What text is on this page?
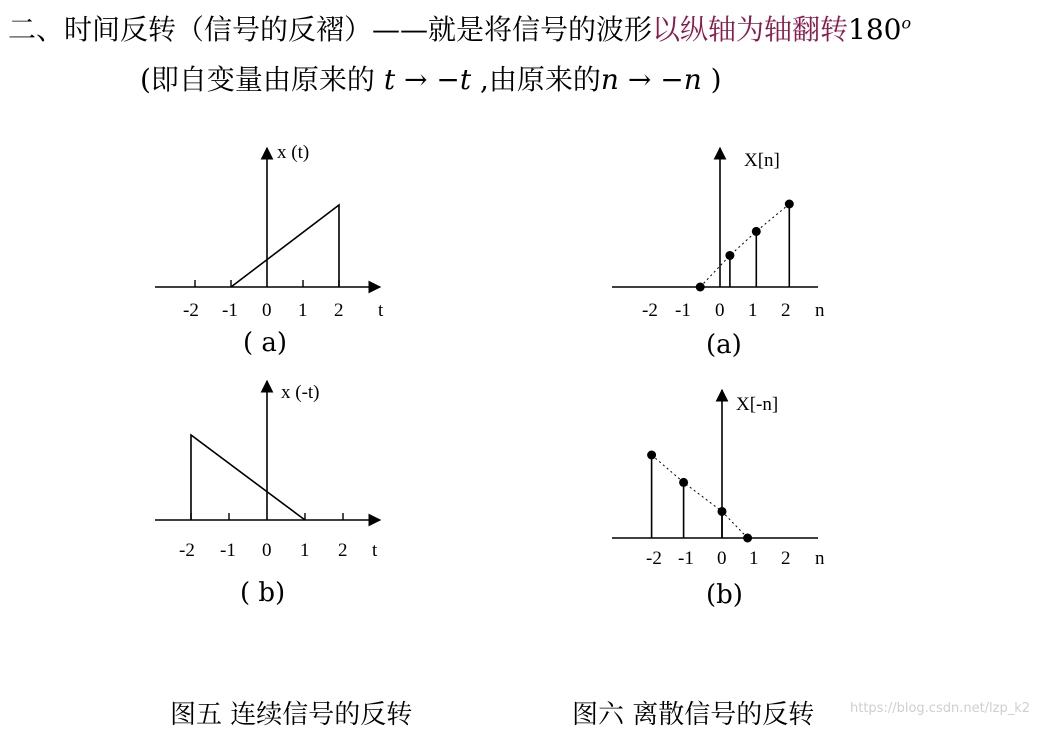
二、时间反转（信号的反褶）——就是将信号的波形以纵轴为轴翻转180$^o$
(即自变量由原来的 t → −t ,由原来的n → −n )
x (t)
t
-2 -1 0 1 2
x (-t)
t
-2 -1 0 1 2
X[n]
n
-2 -1 0 1 2
X[-n]
n
-2 -1 0 1 2
( a)
( b)
(a)
(b)
图五 连续信号的反转	图六 离散信号的反转	https://blog.csdn.net/lzp_k2
